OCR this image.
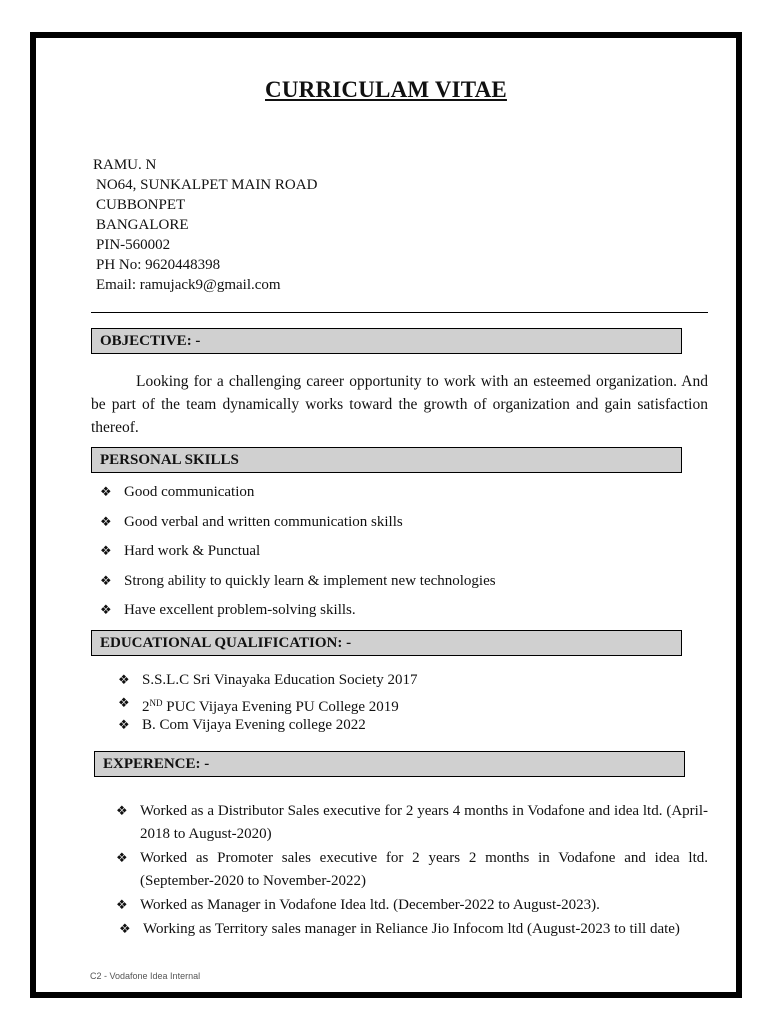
CURRICULAM VITAE
RAMU. N
NO64, SUNKALPET MAIN ROAD
CUBBONPET
BANGALORE
PIN-560002
PH No: 9620448398
Email: ramujack9@gmail.com
OBJECTIVE: -
Looking for a challenging career opportunity to work with an esteemed organization. And be part of the team dynamically works toward the growth of organization and gain satisfaction thereof.
PERSONAL SKILLS
❖ Good communication
❖ Good verbal and written communication skills
❖ Hard work & Punctual
❖ Strong ability to quickly learn & implement new technologies
❖ Have excellent problem-solving skills.
EDUCATIONAL QUALIFICATION: -
❖ S.S.L.C Sri Vinayaka Education Society 2017
❖ 2ND PUC Vijaya Evening PU College 2019
❖ B. Com Vijaya Evening college 2022
EXPERENCE: -

❖ Worked as a Distributor Sales executive for 2 years 4 months in Vodafone and idea ltd. (April-2018 to August-2020)

❖ Worked as Promoter sales executive for 2 years 2 months in Vodafone and idea ltd. (September-2020 to November-2022)

❖ Worked as Manager in Vodafone Idea ltd. (December-2022 to August-2023).

❖ Working as Territory sales manager in Reliance Jio Infocom ltd (August-2023 to till date)

C2 - Vodafone Idea Internal
